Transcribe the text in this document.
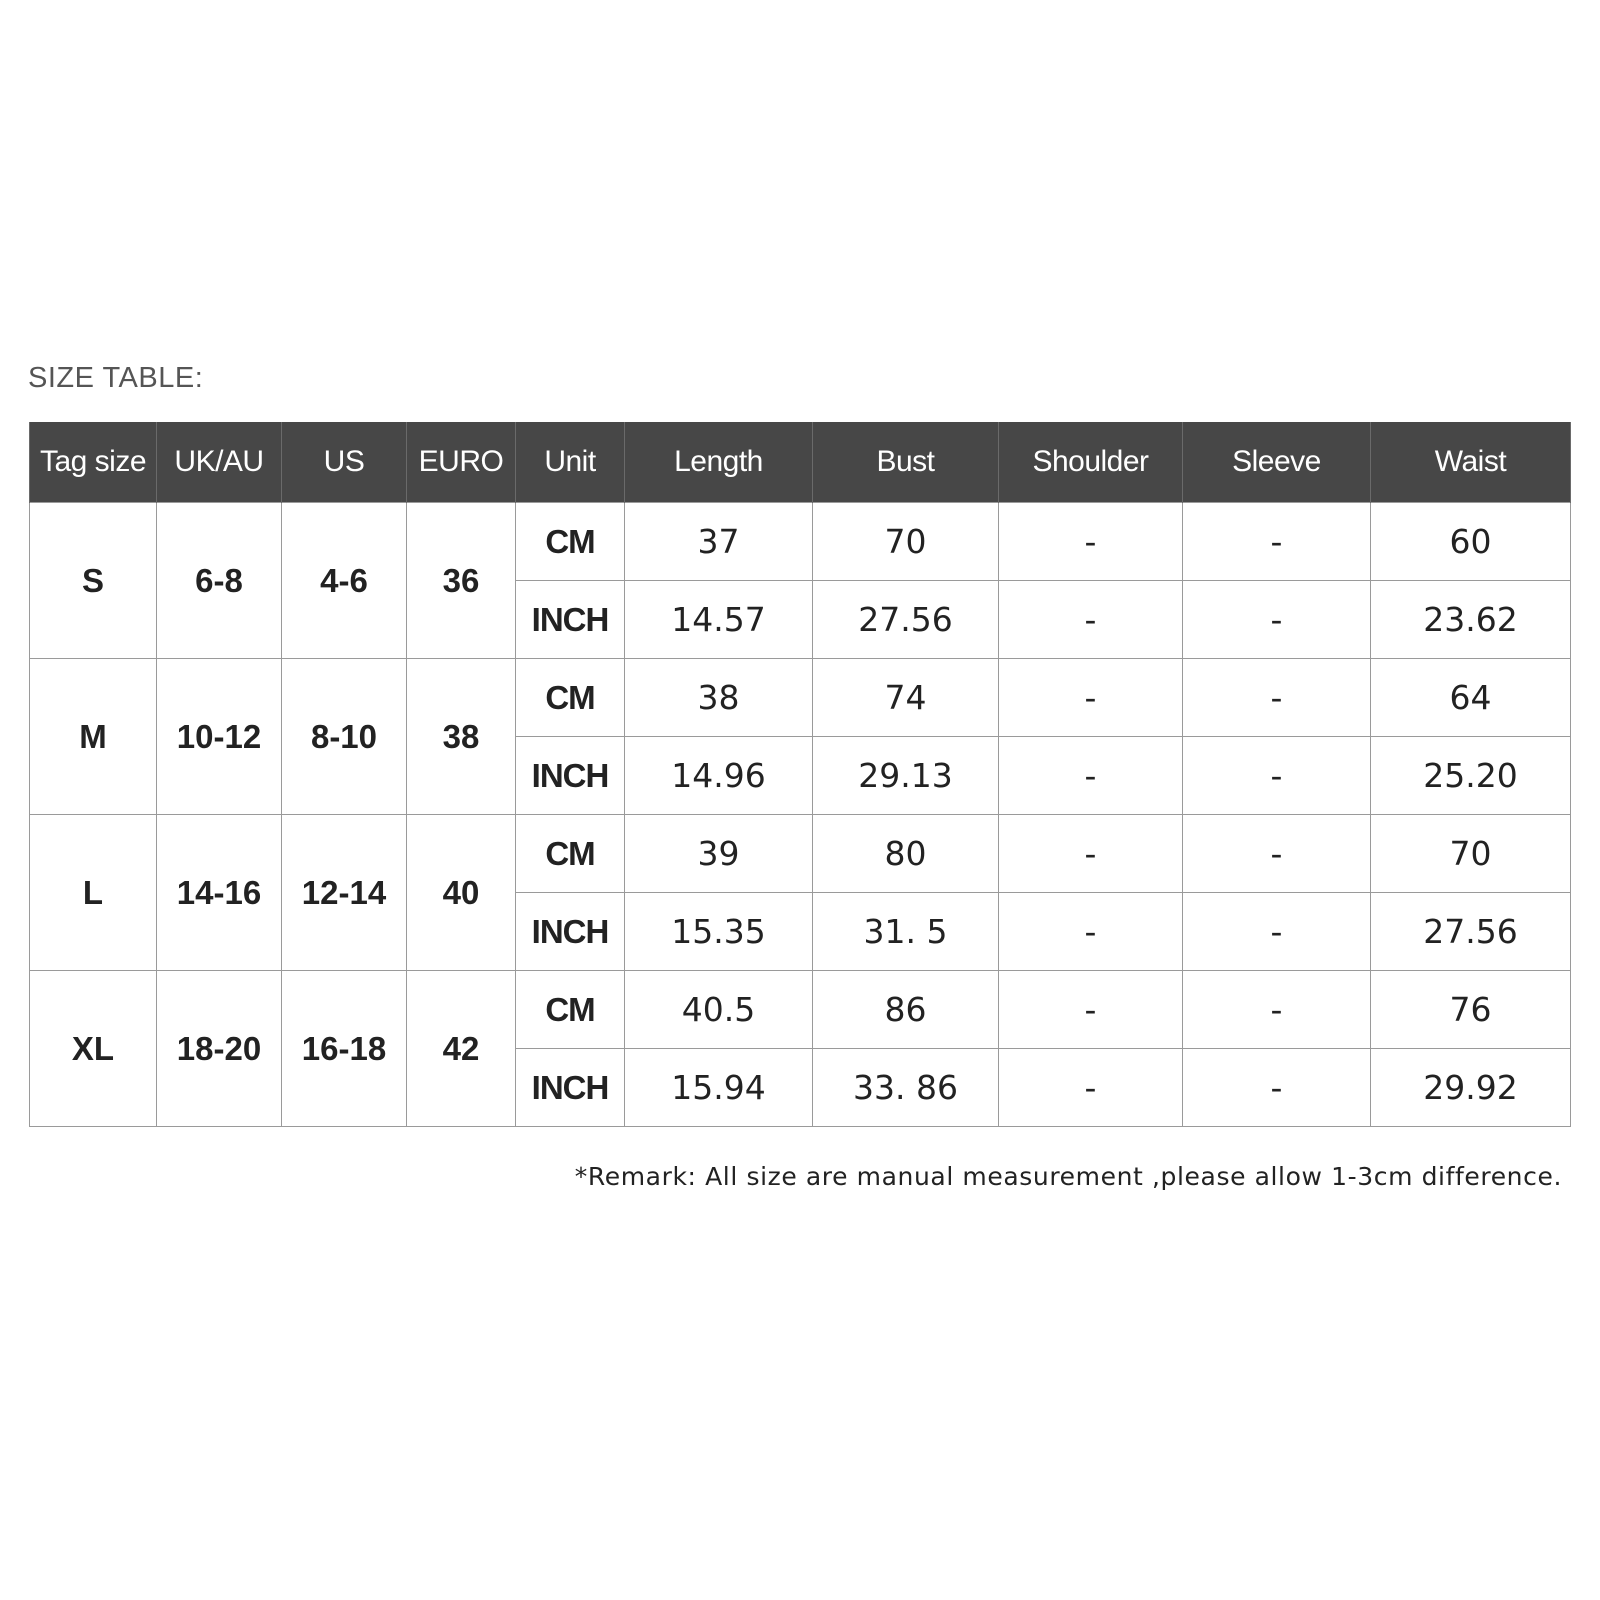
SIZE TABLE:
Tag size	UK/AU	US	EURO	Unit	Length	Bust	Shoulder	Sleeve	Waist
S	6-8	4-6	36	CM	37	70	-	-	60
				INCH	14.57	27.56	-	-	23.62
M	10-12	8-10	38	CM	38	74	-	-	64
				INCH	14.96	29.13	-	-	25.20
L	14-16	12-14	40	CM	39	80	-	-	70
				INCH	15.35	31. 5	-	-	27.56
XL	18-20	16-18	42	CM	40.5	86	-	-	76
				INCH	15.94	33. 86	-	-	29.92
*Remark: All size are manual measurement ,please allow 1-3cm difference.
